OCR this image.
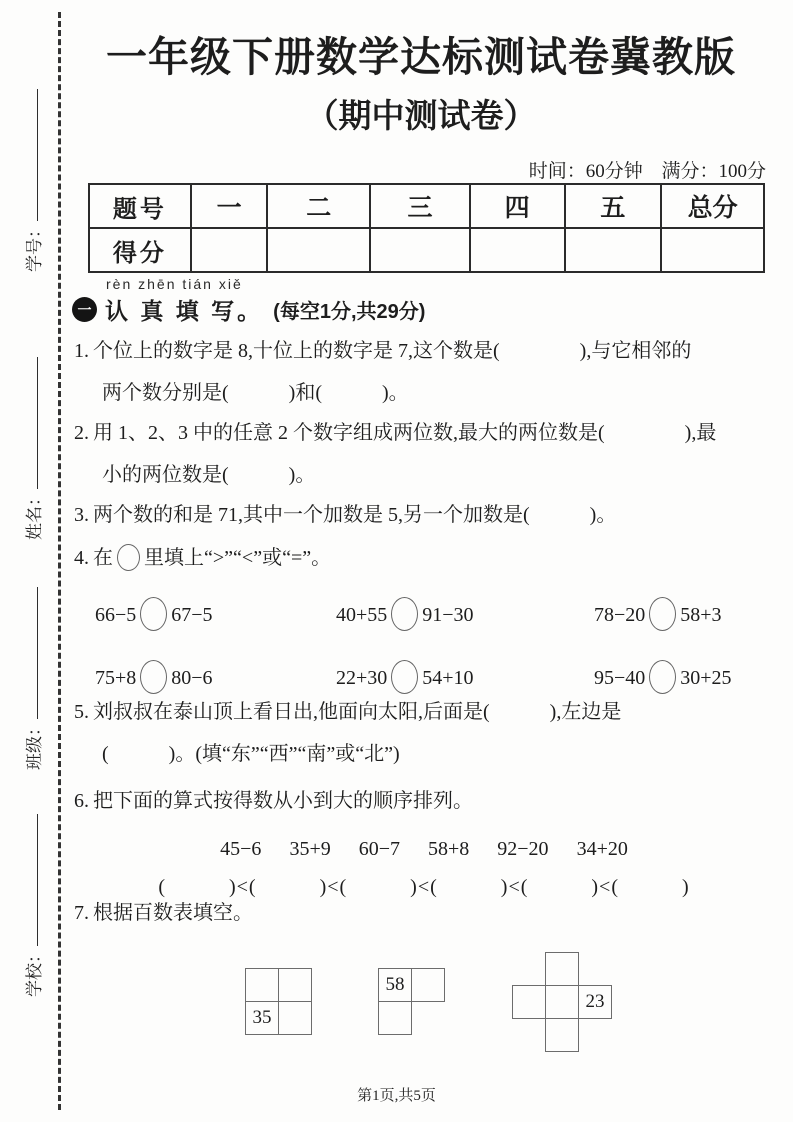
学号：
姓名：
班级：
学校：
一年级下册数学达标测试卷冀教版
（期中测试卷）
时间：60分钟 满分：100分
题号	一	二	三	四	五	总分
得分						
rèn zhēn tián xiě
一 认 真 填 写。 (每空1分,共29分)
1. 个位上的数字是 8,十位上的数字是 7,这个数是(　　　　),与它相邻的
两个数分别是(　　　)和(　　　)。
2. 用 1、2、3 中的任意 2 个数字组成两位数,最大的两位数是(　　　　),最
小的两位数是(　　　)。
3. 两个数的和是 71,其中一个加数是 5,另一个加数是(　　　)。
4. 在 里填上“>”“<”或“=”。
66−5 67−5	40+55 91−30	78−20 58+3
75+8 80−6	22+30 54+10	95−40 30+25
5. 刘叔叔在泰山顶上看日出,他面向太阳,后面是(　　　),左边是
(　　　)。(填“东”“西”“南”或“北”)
6. 把下面的算式按得数从小到大的顺序排列。
45−6 35+9 60−7 58+8 92−20 34+20
(　　　)<(　　　)<(　　　)<(　　　)<(　　　)<(　　　)
7. 根据百数表填空。
35
58
23
第1页,共5页
